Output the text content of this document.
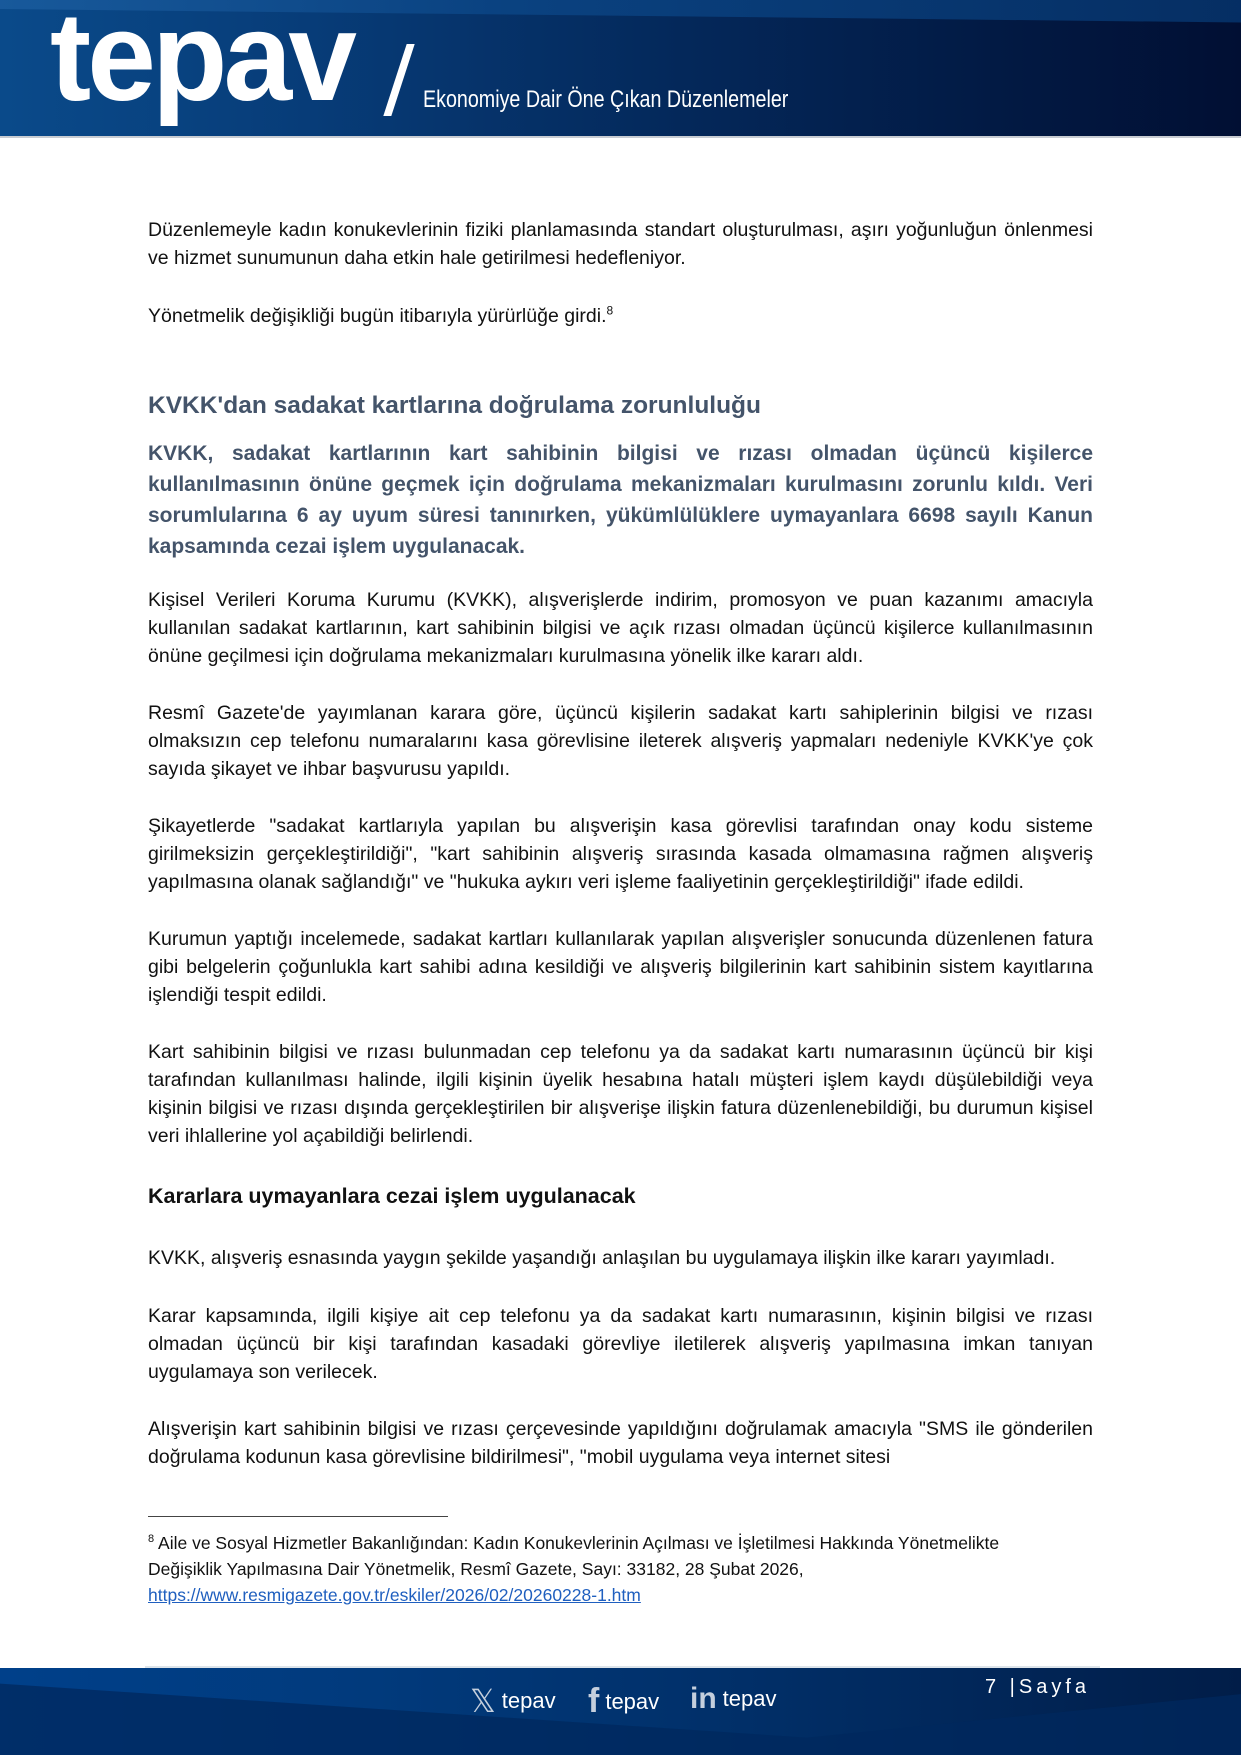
tepav	Ekonomiye Dair Öne Çıkan Düzenlemeler

Düzenlemeyle kadın konukevlerinin fiziki planlamasında standart oluşturulması, aşırı yoğunluğun önlenmesi ve hizmet sunumunun daha etkin hale getirilmesi hedefleniyor.

Yönetmelik değişikliği bugün itibarıyla yürürlüğe girdi.$^8$

KVKK'dan sadakat kartlarına doğrulama zorunluluğu

KVKK, sadakat kartlarının kart sahibinin bilgisi ve rızası olmadan üçüncü kişilerce kullanılmasının önüne geçmek için doğrulama mekanizmaları kurulmasını zorunlu kıldı. Veri sorumlularına 6 ay uyum süresi tanınırken, yükümlülüklere uymayanlara 6698 sayılı Kanun kapsamında cezai işlem uygulanacak.

Kişisel Verileri Koruma Kurumu (KVKK), alışverişlerde indirim, promosyon ve puan kazanımı amacıyla kullanılan sadakat kartlarının, kart sahibinin bilgisi ve açık rızası olmadan üçüncü kişilerce kullanılmasının önüne geçilmesi için doğrulama mekanizmaları kurulmasına yönelik ilke kararı aldı.

Resmî Gazete'de yayımlanan karara göre, üçüncü kişilerin sadakat kartı sahiplerinin bilgisi ve rızası olmaksızın cep telefonu numaralarını kasa görevlisine ileterek alışveriş yapmaları nedeniyle KVKK'ye çok sayıda şikayet ve ihbar başvurusu yapıldı.

Şikayetlerde "sadakat kartlarıyla yapılan bu alışverişin kasa görevlisi tarafından onay kodu sisteme girilmeksizin gerçekleştirildiği", "kart sahibinin alışveriş sırasında kasada olmamasına rağmen alışveriş yapılmasına olanak sağlandığı" ve "hukuka aykırı veri işleme faaliyetinin gerçekleştirildiği" ifade edildi.

Kurumun yaptığı incelemede, sadakat kartları kullanılarak yapılan alışverişler sonucunda düzenlenen fatura gibi belgelerin çoğunlukla kart sahibi adına kesildiği ve alışveriş bilgilerinin kart sahibinin sistem kayıtlarına işlendiği tespit edildi.

Kart sahibinin bilgisi ve rızası bulunmadan cep telefonu ya da sadakat kartı numarasının üçüncü bir kişi tarafından kullanılması halinde, ilgili kişinin üyelik hesabına hatalı müşteri işlem kaydı düşülebildiği veya kişinin bilgisi ve rızası dışında gerçekleştirilen bir alışverişe ilişkin fatura düzenlenebildiği, bu durumun kişisel veri ihlallerine yol açabildiği belirlendi.

Kararlara uymayanlara cezai işlem uygulanacak

KVKK, alışveriş esnasında yaygın şekilde yaşandığı anlaşılan bu uygulamaya ilişkin ilke kararı yayımladı.

Karar kapsamında, ilgili kişiye ait cep telefonu ya da sadakat kartı numarasının, kişinin bilgisi ve rızası olmadan üçüncü bir kişi tarafından kasadaki görevliye iletilerek alışveriş yapılmasına imkan tanıyan uygulamaya son verilecek.

Alışverişin kart sahibinin bilgisi ve rızası çerçevesinde yapıldığını doğrulamak amacıyla "SMS ile gönderilen doğrulama kodunun kasa görevlisine bildirilmesi", "mobil uygulama veya internet sitesi

$^8$ Aile ve Sosyal Hizmetler Bakanlığından: Kadın Konukevlerinin Açılması ve İşletilmesi Hakkında Yönetmelikte Değişiklik Yapılmasına Dair Yönetmelik, Resmî Gazete, Sayı: 33182, 28 Şubat 2026,
https://www.resmigazete.gov.tr/eskiler/2026/02/20260228-1.htm
𝕏 tepav f tepav in tepav	7 |Sayfa
